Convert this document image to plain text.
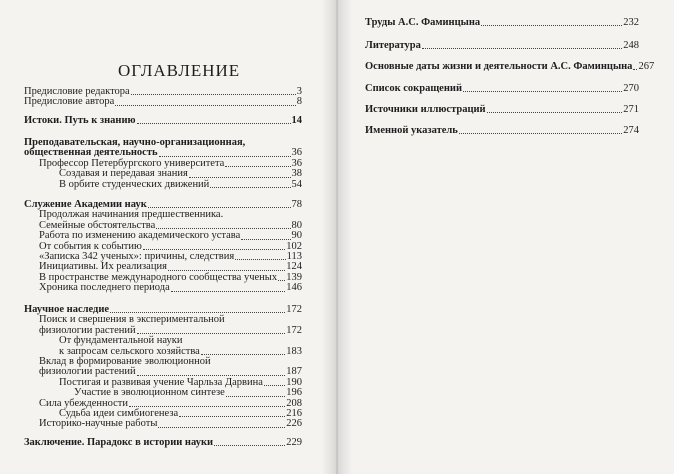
ОГЛАВЛЕНИЕ
Предисловие редактора	3
Предисловие автора	8
Истоки. Путь к знанию	14
Преподавательская, научно-организационная,
общественная деятельность	36
Профессор Петербургского университета	36
Создавая и передавая знания	38
В орбите студенческих движений	54
Служение Академии наук	78
Продолжая начинания предшественника.
Семейные обстоятельства	80
Работа по изменению академического устава	90
От события к событию	102
«Записка 342 ученых»: причины, следствия	113
Инициативы. Их реализация	124
В пространстве международного сообщества ученых 139
Хроника последнего периода	146
Научное наследие	172
Поиск и свершения в экспериментальной
физиологии растений	172
От фундаментальной науки
к запросам сельского хозяйства	183
Вклад в формирование эволюционной
физиологии растений	187
Постигая и развивая учение Чарльза Дарвина 190
Участие в эволюционном синтезе	196
Сила убежденности	208
Судьба идеи симбиогенеза	216
Историко-научные работы	226
Заключение. Парадокс в истории науки	229
Труды А.С. Фаминцына	232
Литература	248
Основные даты жизни и деятельности А.С. Фаминцына 267
Список сокращений	270
Источники иллюстраций	271
Именной указатель	274
